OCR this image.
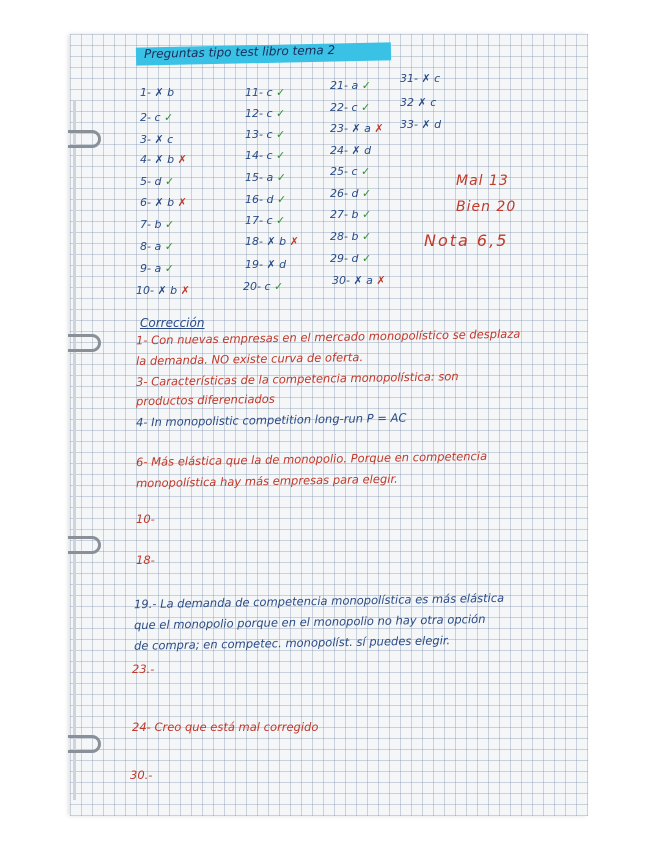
Preguntas tipo test libro tema 2
1- ✗ b
2- c ✓
3- ✗ c
4- ✗ b ✗
5- d ✓
6- ✗ b ✗
7- b ✓
8- a ✓
9- a ✓
10- ✗ b ✗
11- c ✓
12- c ✓
13- c ✓
14- c ✓
15- a ✓
16- d ✓
17- c ✓
18- ✗ b ✗
19- ✗ d
20- c ✓
21- a ✓
22- c ✓
23- ✗ a ✗
24- ✗ d
25- c ✓
26- d ✓
27- b ✓
28- b ✓
29- d ✓
30- ✗ a ✗
31- ✗ c
32 ✗ c
33- ✗ d
Mal 13
Bien 20
Nota 6,5
Corrección
1- Con nuevas empresas en el mercado monopolístico se desplaza
la demanda. NO existe curva de oferta.
3- Características de la competencia monopolística: son
productos diferenciados
4- In monopolistic competition long-run P = AC
6- Más elástica que la de monopolio. Porque en competencia
monopolística hay más empresas para elegir.
10-
18-
19.- La demanda de competencia monopolística es más elástica
que el monopolio porque en el monopolio no hay otra opción
de compra; en competec. monopolíst. sí puedes elegir.
23.-
24- Creo que está mal corregido
30.-
